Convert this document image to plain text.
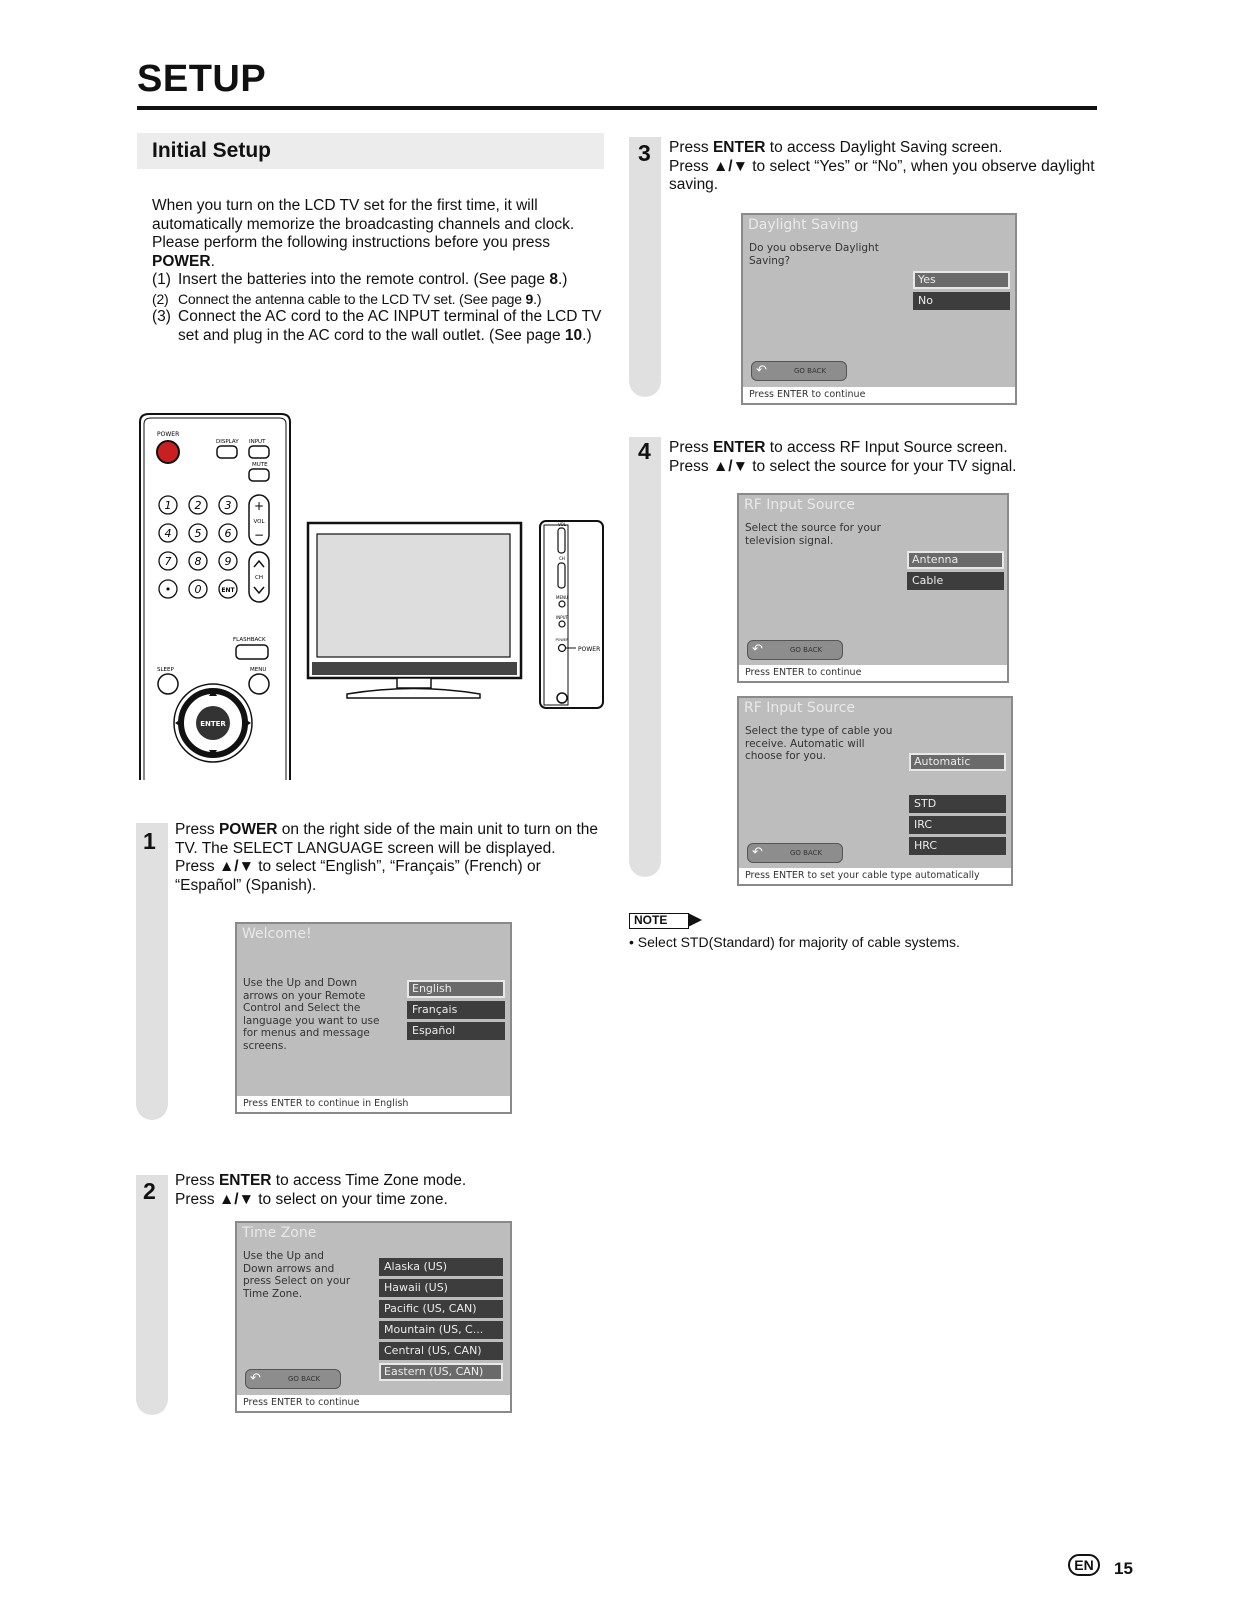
SETUP
Initial Setup

When you turn on the LCD TV set for the first time, it will automatically memorize the broadcasting channels and clock.

Please perform the following instructions before you press POWER.

(1) Insert the batteries into the remote control. (See page 8.)
(2) Connect the antenna cable to the LCD TV set. (See page 9.)
(3) Connect the AC cord to the AC INPUT terminal of the LCD TV set and plug in the AC cord to the wall outlet. (See page 10.)
POWER
DISPLAY INPUT
MUTE
1 2 3
4 5 6
7 8 9
• 0	ENT
+
VOL
−
CH
FLASHBACK
SLEEP	MENU
ENTER
VOL
CH
MENU
INPUT
POWER
POWER
1 Press POWER on the right side of the main unit to turn on the TV. The SELECT LANGUAGE screen will be displayed.
Press ▲/▼ to select “English”, “Français” (French) or “Español” (Spanish).
Welcome!
Use the Up and Down arrows on your Remote Control and Select the language you want to use for menus and message screens.
English
Français
Español
Press ENTER to continue in English
2 Press ENTER to access Time Zone mode.
Press ▲/▼ to select on your time zone.
Time Zone
Use the Up and Down arrows and press Select on your Time Zone.
Alaska (US)
Hawaii (US)
Pacific (US, CAN)
Mountain (US, C...
Central (US, CAN)
Eastern (US, CAN)
↶	GO BACK
Press ENTER to continue
3 Press ENTER to access Daylight Saving screen.
Press ▲/▼ to select “Yes” or “No”, when you observe daylight saving.
Daylight Saving
Do you observe Daylight Saving?
Yes
No
↶	GO BACK
Press ENTER to continue
4 Press ENTER to access RF Input Source screen.
Press ▲/▼ to select the source for your TV signal.
RF Input Source
Select the source for your television signal.
Antenna
Cable
↶	GO BACK
Press ENTER to continue
RF Input Source
Select the type of cable you receive. Automatic will choose for you.	Automatic
STD
IRC
HRC
↶	GO BACK
Press ENTER to set your cable type automatically
NOTE
• Select STD(Standard) for majority of cable systems.
EN	15
